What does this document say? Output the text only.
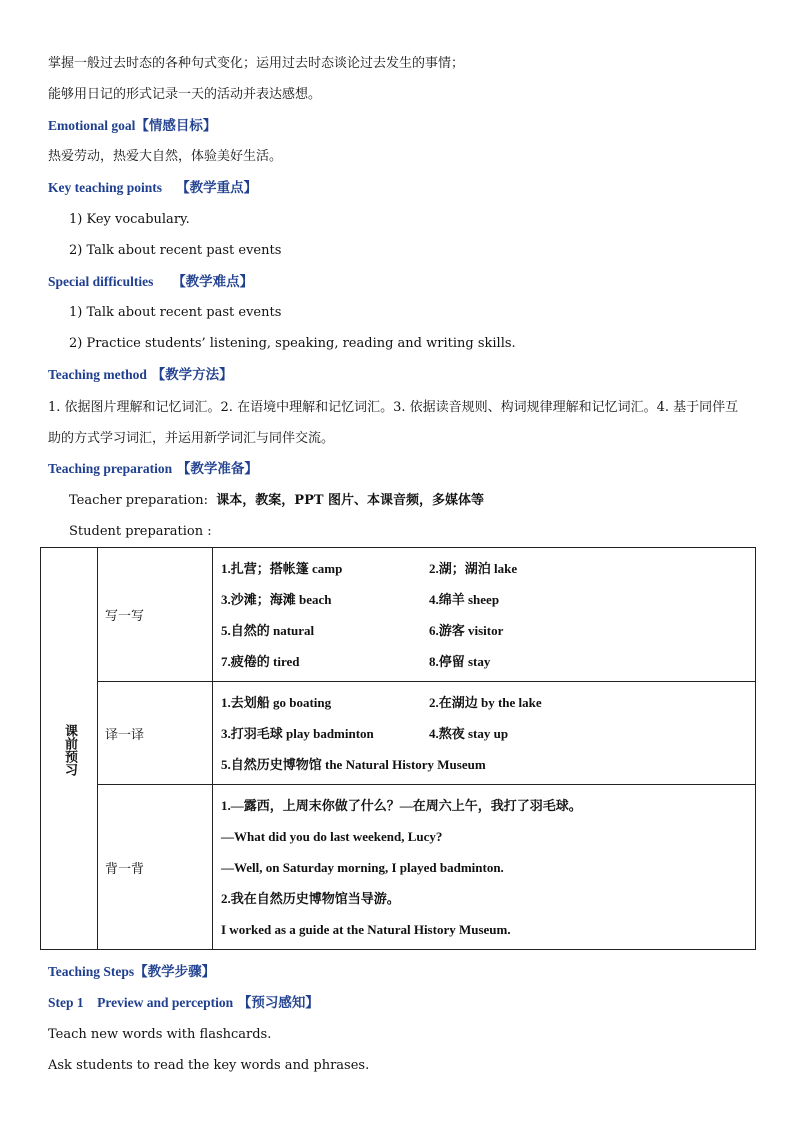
掌握一般过去时态的各种句式变化；运用过去时态谈论过去发生的事情；
能够用日记的形式记录一天的活动并表达感想。
Emotional goal【情感目标】
热爱劳动，热爱大自然，体验美好生活。
Key teaching points 【教学重点】
1) Key vocabulary.
2) Talk about recent past events
Special difficulties 【教学难点】
1) Talk about recent past events
2) Practice students’ listening, speaking, reading and writing skills.
Teaching method 【教学方法】
1. 依据图片理解和记忆词汇。2. 在语境中理解和记忆词汇。3. 依据读音规则、构词规律理解和记忆词汇。4. 基于同伴互助的方式学习词汇，并运用新学词汇与同伴交流。
Teaching preparation 【教学准备】
Teacher preparation: 课本，教案，PPT 图片、本课音频，多媒体等
Student preparation :
课前预习	写一写	1.扎营；搭帐篷 camp 2.湖；湖泊 lake
3.沙滩；海滩 beach 4.绵羊 sheep
5.自然的 natural 6.游客 visitor
7.疲倦的 tired 8.停留 stay

	译一译	1.去划船 go boating 2.在湖边 by the lake
3.打羽毛球 play badminton 4.熬夜 stay up
5.自然历史博物馆 the Natural History Museum

	背一背	1.—露西，上周末你做了什么？—在周六上午，我打了羽毛球。
—What did you do last weekend, Lucy?
—Well, on Saturday morning, I played badminton.
2.我在自然历史博物馆当导游。
I worked as a guide at the Natural History Museum.
Teaching Steps【教学步骤】
Step 1    Preview and perception 【预习感知】
Teach new words with flashcards.
Ask students to read the key words and phrases.
